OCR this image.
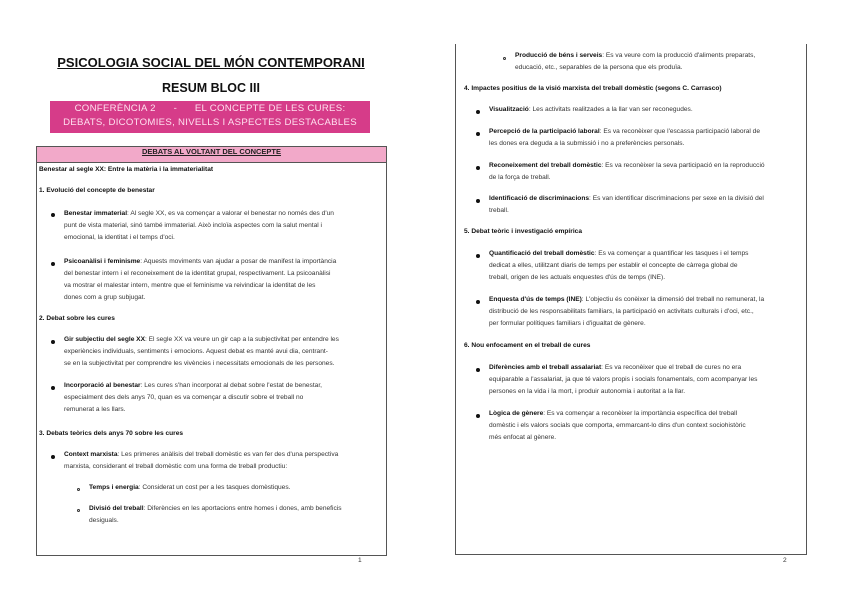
PSICOLOGIA SOCIAL DEL MÓN CONTEMPORANI
RESUM BLOC III
CONFERÈNCIA 2      -      EL CONCEPTE DE LES CURES:
DEBATS, DICOTOMIES, NIVELLS I ASPECTES DESTACABLES
DEBATS AL VOLTANT DEL CONCEPTE
Benestar al segle XX: Entre la matèria i la immaterialitat
1. Evolució del concepte de benestar
Benestar immaterial: Al segle XX, es va començar a valorar el benestar no només des d'un
punt de vista material, sinó també immaterial. Això incloïa aspectes com la salut mental i
emocional, la identitat i el temps d'oci.
Psicoanàlisi i feminisme: Aquests moviments van ajudar a posar de manifest la importància
del benestar intern i el reconeixement de la identitat grupal, respectivament. La psicoanàlisi
va mostrar el malestar intern, mentre que el feminisme va reivindicar la identitat de les
dones com a grup subjugat.
2. Debat sobre les cures
Gir subjectiu del segle XX: El segle XX va veure un gir cap a la subjectivitat per entendre les
experiències individuals, sentiments i emocions. Aquest debat es manté avui dia, centrant-
se en la subjectivitat per comprendre les vivències i necessitats emocionals de les persones.
Incorporació al benestar: Les cures s'han incorporat al debat sobre l'estat de benestar,
especialment des dels anys 70, quan es va començar a discutir sobre el treball no
remunerat a les llars.
3. Debats teòrics dels anys 70 sobre les cures
Context marxista: Les primeres anàlisis del treball domèstic es van fer des d'una perspectiva
marxista, considerant el treball domèstic com una forma de treball productiu:
Temps i energia: Considerat un cost per a les tasques domèstiques.
Divisió del treball: Diferències en les aportacions entre homes i dones, amb beneficis
desiguals.
1
Producció de béns i serveis: Es va veure com la producció d'aliments preparats,
educació, etc., separables de la persona que els produïa.
4. Impactes positius de la visió marxista del treball domèstic (segons C. Carrasco)
Visualització: Les activitats realitzades a la llar van ser reconegudes.
Percepció de la participació laboral: Es va reconèixer que l'escassa participació laboral de
les dones era deguda a la submissió i no a preferències personals.
Reconeixement del treball domèstic: Es va reconèixer la seva participació en la reproducció
de la força de treball.
Identificació de discriminacions: Es van identificar discriminacions per sexe en la divisió del
treball.
5. Debat teòric i investigació empírica
Quantificació del treball domèstic: Es va començar a quantificar les tasques i el temps
dedicat a elles, utilitzant diaris de temps per establir el concepte de càrrega global de
treball, origen de les actuals enquestes d'ús de temps (INE).
Enquesta d'ús de temps (INE): L'objectiu és conèixer la dimensió del treball no remunerat, la
distribució de les responsabilitats familiars, la participació en activitats culturals i d'oci, etc.,
per formular polítiques familiars i d'igualtat de gènere.
6. Nou enfocament en el treball de cures
Diferències amb el treball assalariat: Es va reconèixer que el treball de cures no era
equiparable a l'assalariat, ja que té valors propis i socials fonamentals, com acompanyar les
persones en la vida i la mort, i produir autonomia i autoritat a la llar.
Lògica de gènere: Es va començar a reconèixer la importància específica del treball
domèstic i els valors socials que comporta, emmarcant-lo dins d'un context sociohistòric
més enfocat al gènere.
2
